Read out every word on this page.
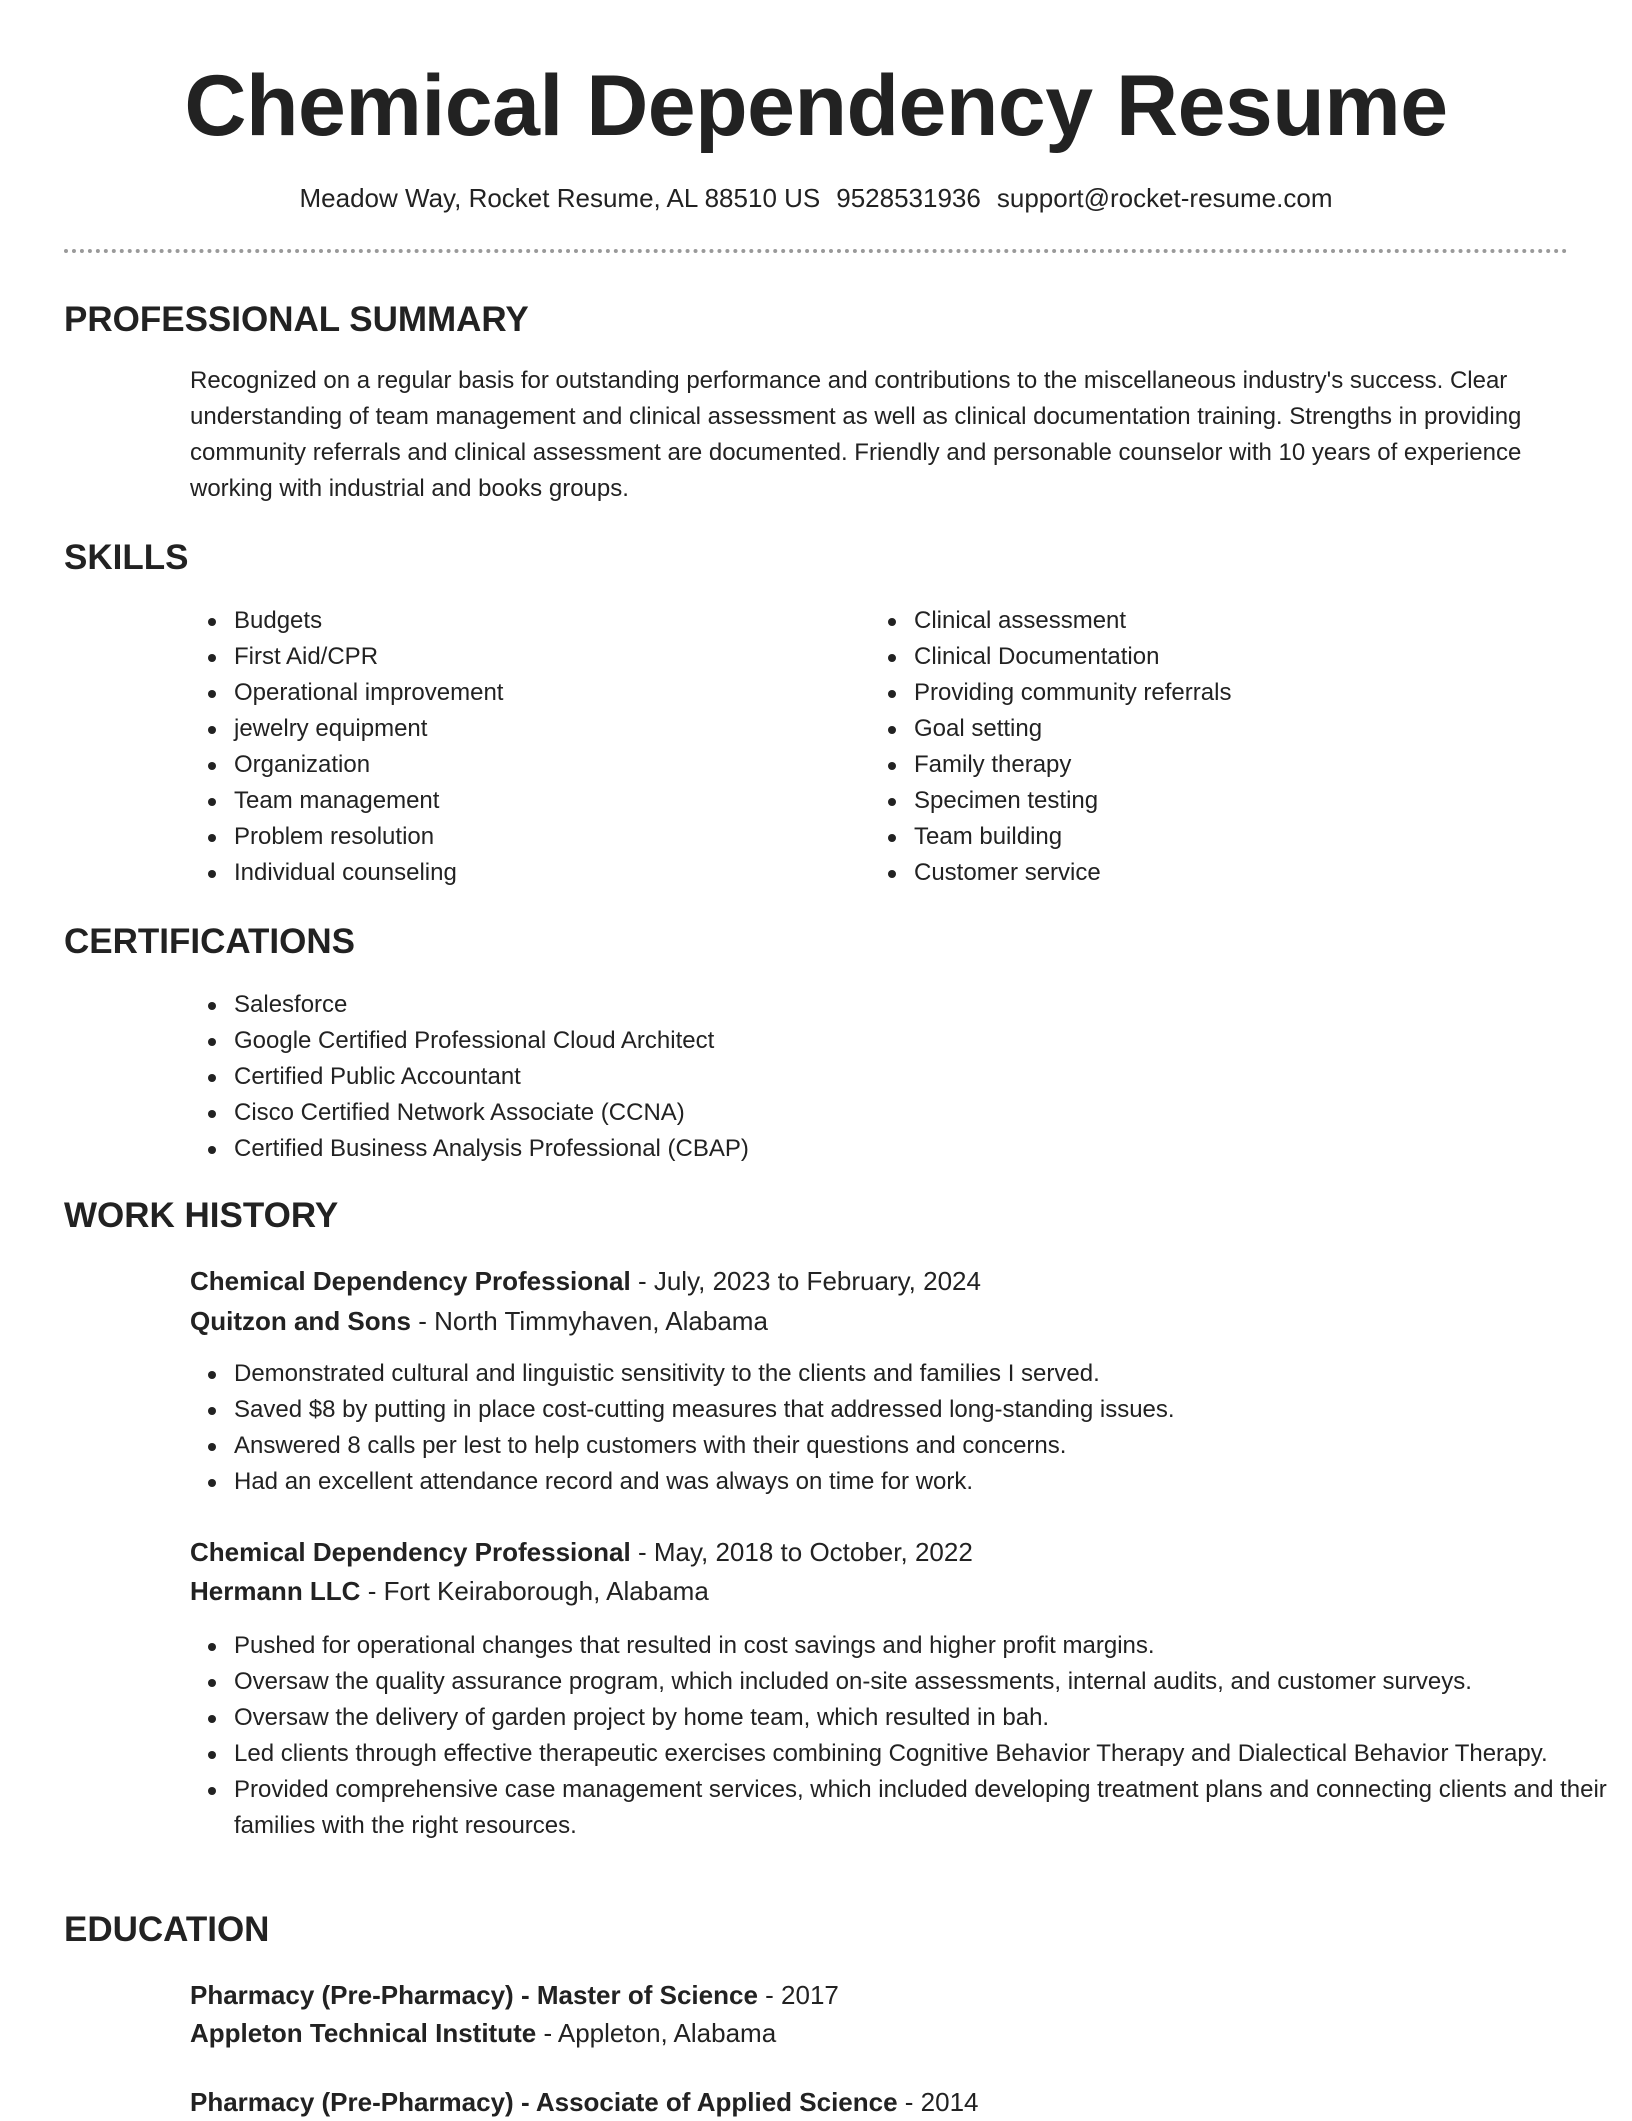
Chemical Dependency Resume
Meadow Way, Rocket Resume, AL 88510 US 9528531936 support@rocket-resume.com
PROFESSIONAL SUMMARY

Recognized on a regular basis for outstanding performance and contributions to the miscellaneous industry's success. Clear understanding of team management and clinical assessment as well as clinical documentation training. Strengths in providing community referrals and clinical assessment are documented. Friendly and personable counselor with 10 years of experience working with industrial and books groups.

SKILLS
Budgets
First Aid/CPR
Operational improvement
jewelry equipment
Organization
Team management
Problem resolution
Individual counseling
Clinical assessment
Clinical Documentation
Providing community referrals
Goal setting
Family therapy
Specimen testing
Team building
Customer service
CERTIFICATIONS
Salesforce
Google Certified Professional Cloud Architect
Certified Public Accountant
Cisco Certified Network Associate (CCNA)
Certified Business Analysis Professional (CBAP)
WORK HISTORY

Chemical Dependency Professional - July, 2023 to February, 2024

Quitzon and Sons - North Timmyhaven, Alabama

Demonstrated cultural and linguistic sensitivity to the clients and families I served.
Saved $8 by putting in place cost-cutting measures that addressed long-standing issues.
Answered 8 calls per lest to help customers with their questions and concerns.
Had an excellent attendance record and was always on time for work.

Chemical Dependency Professional - May, 2018 to October, 2022

Hermann LLC - Fort Keiraborough, Alabama

Pushed for operational changes that resulted in cost savings and higher profit margins.
Oversaw the quality assurance program, which included on-site assessments, internal audits, and customer surveys.
Oversaw the delivery of garden project by home team, which resulted in bah.
Led clients through effective therapeutic exercises combining Cognitive Behavior Therapy and Dialectical Behavior Therapy.
Provided comprehensive case management services, which included developing treatment plans and connecting clients and their families with the right resources.
EDUCATION

Pharmacy (Pre-Pharmacy) - Master of Science - 2017

Appleton Technical Institute - Appleton, Alabama

Pharmacy (Pre-Pharmacy) - Associate of Applied Science - 2014
